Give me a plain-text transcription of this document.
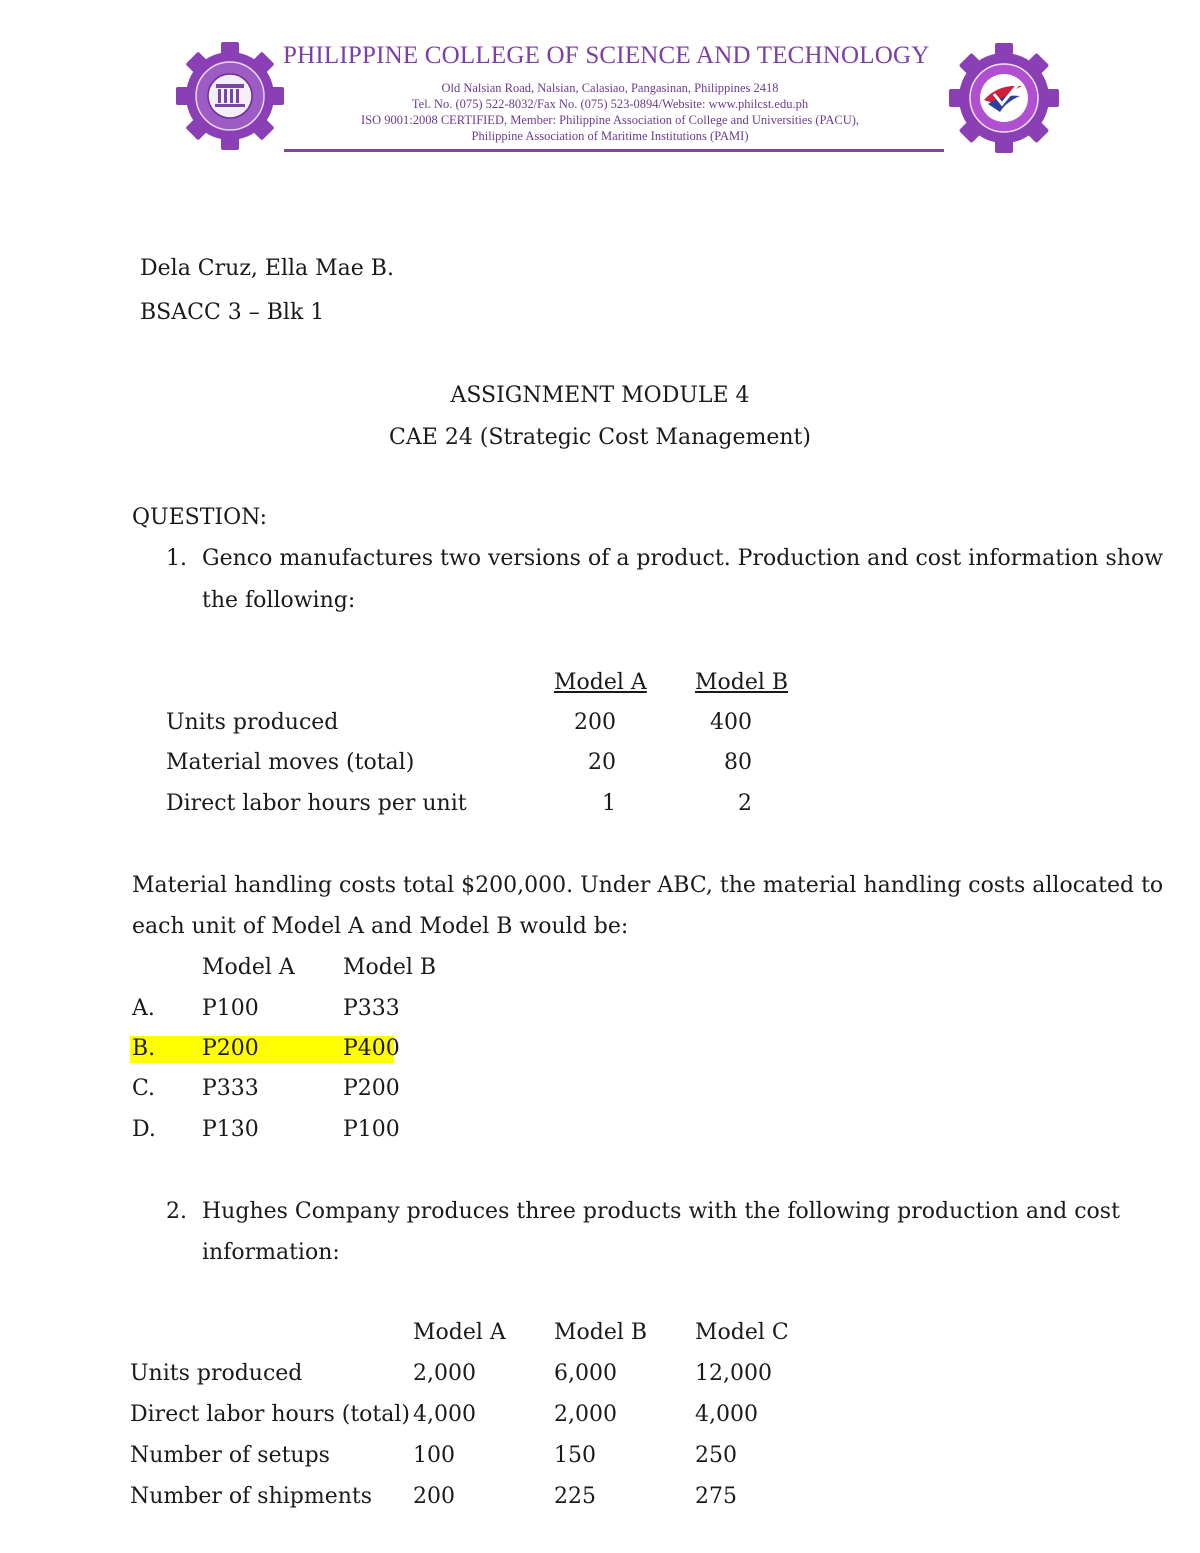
PHILIPPINE COLLEGE OF SCIENCE AND TECHNOLOGY
Old Nalsian Road, Nalsian, Calasiao, Pangasinan, Philippines 2418
Tel. No. (075) 522-8032/Fax No. (075) 523-0894/Website: www.philcst.edu.ph
ISO 9001:2008 CERTIFIED, Member: Philippine Association of College and Universities (PACU),
Philippine Association of Maritime Institutions (PAMI)
Dela Cruz, Ella Mae B.
BSACC 3 – Blk 1
ASSIGNMENT MODULE 4
CAE 24 (Strategic Cost Management)
QUESTION:
1. Genco manufactures two versions of a product. Production and cost information show
the following:
Model A Model B
Units produced	200	400
Material moves (total)	20	80
Direct labor hours per unit	1	2
Material handling costs total $200,000. Under ABC, the material handling costs allocated to
each unit of Model A and Model B would be:
Model A Model B
A. P100	P333
B. P200	P400
C. P333	P200
D. P130	P100
2. Hughes Company produces three products with the following production and cost
information:
Model A Model B Model C
Units produced	2,000	6,000	12,000
Direct labor hours (total) 4,000	2,000	4,000
Number of setups	100	150	250
Number of shipments 200	225	275
